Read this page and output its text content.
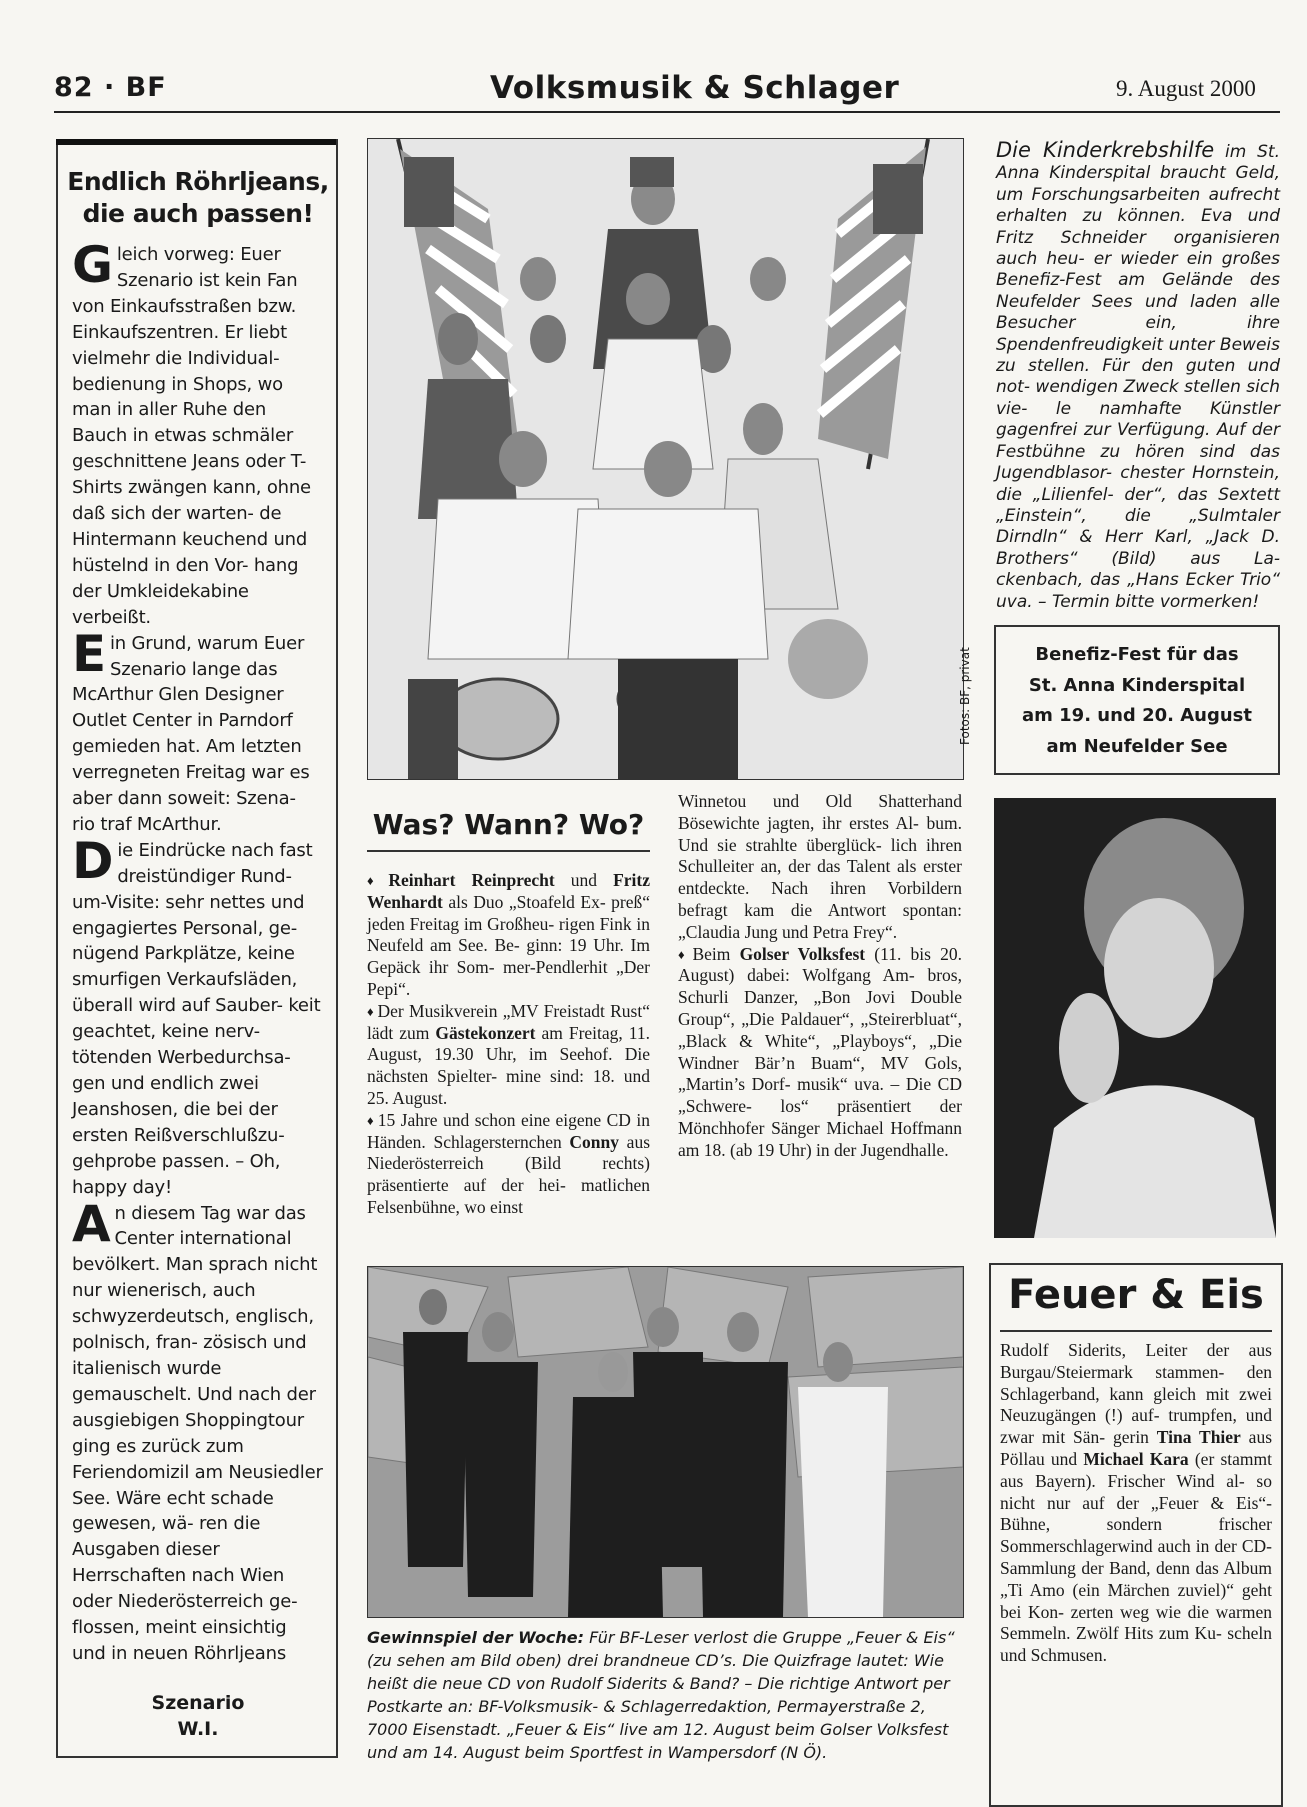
82 · BF	Volksmusik & Schlager	9. August 2000
Endlich Röhrljeans, die auch passen!

Gleich vorweg: Euer Szenario ist kein Fan von Einkaufsstraßen bzw. Einkaufszentren. Er liebt vielmehr die Individual- bedienung in Shops, wo man in aller Ruhe den Bauch in etwas schmäler geschnittene Jeans oder T-Shirts zwängen kann, ohne daß sich der warten- de Hintermann keuchend und hüstelnd in den Vor- hang der Umkleidekabine verbeißt.

Ein Grund, warum Euer Szenario lange das McArthur Glen Designer Outlet Center in Parndorf gemieden hat. Am letzten verregneten Freitag war es aber dann soweit: Szena- rio traf McArthur.

Die Eindrücke nach fast dreistündiger Rund- um-Visite: sehr nettes und engagiertes Personal, ge- nügend Parkplätze, keine smurfigen Verkaufsläden, überall wird auf Sauber- keit geachtet, keine nerv- tötenden Werbedurchsa- gen und endlich zwei Jeanshosen, die bei der ersten Reißverschlußzu- gehprobe passen. – Oh, happy day!

An diesem Tag war das Center international bevölkert. Man sprach nicht nur wienerisch, auch schwyzerdeutsch, englisch, polnisch, fran- zösisch und italienisch wurde gemauschelt. Und nach der ausgiebigen Shoppingtour ging es zurück zum Feriendomizil am Neusiedler See. Wäre echt schade gewesen, wä- ren die Ausgaben dieser Herrschaften nach Wien oder Niederösterreich ge- flossen, meint einsichtig und in neuen Röhrljeans

Szenario
W.I.
Fotos: BF, privat
Was? Wann? Wo?

♦ Reinhart Reinprecht und Fritz Wenhardt als Duo „Stoafeld Ex- preß“ jeden Freitag im Großheu- rigen Fink in Neufeld am See. Be- ginn: 19 Uhr. Im Gepäck ihr Som- mer-Pendlerhit „Der Pepi“.

♦ Der Musikverein „MV Freistadt Rust“ lädt zum Gästekonzert am Freitag, 11. August, 19.30 Uhr, im Seehof. Die nächsten Spielter- mine sind: 18. und 25. August.

♦ 15 Jahre und schon eine eigene CD in Händen. Schlagersternchen Conny aus Niederösterreich (Bild rechts) präsentierte auf der hei- matlichen Felsenbühne, wo einst

Winnetou und Old Shatterhand Bösewichte jagten, ihr erstes Al- bum. Und sie strahlte überglück- lich ihren Schulleiter an, der das Talent als erster entdeckte. Nach ihren Vorbildern befragt kam die Antwort spontan: „Claudia Jung und Petra Frey“.

♦ Beim Golser Volksfest (11. bis 20. August) dabei: Wolfgang Am- bros, Schurli Danzer, „Bon Jovi Double Group“, „Die Paldauer“, „Steirerbluat“, „Black & White“, „Playboys“, „Die Windner Bär’n Buam“, MV Gols, „Martin’s Dorf- musik“ uva. – Die CD „Schwere- los“ präsentiert der Mönchhofer Sänger Michael Hoffmann am 18. (ab 19 Uhr) in der Jugendhalle.

Die Kinderkrebshilfe im St. Anna Kinderspital braucht Geld, um Forschungsarbeiten aufrecht erhalten zu können. Eva und Fritz Schneider organisieren auch heu- er wieder ein großes Benefiz-Fest am Gelände des Neufelder Sees und laden alle Besucher ein, ihre Spendenfreudigkeit unter Beweis zu stellen. Für den guten und not- wendigen Zweck stellen sich vie- le namhafte Künstler gagenfrei zur Verfügung. Auf der Festbühne zu hören sind das Jugendblasor- chester Hornstein, die „Lilienfel- der“, das Sextett „Einstein“, die „Sulmtaler Dirndln“ & Herr Karl, „Jack D. Brothers“ (Bild) aus La- ckenbach, das „Hans Ecker Trio“ uva. – Termin bitte vormerken!
Benefiz-Fest für das
St. Anna Kinderspital
am 19. und 20. August
am Neufelder See
Feuer & Eis
Rudolf Siderits, Leiter der aus Burgau/Steiermark stammen- den Schlagerband, kann gleich mit zwei Neuzugängen (!) auf- trumpfen, und zwar mit Sän- gerin Tina Thier aus Pöllau und Michael Kara (er stammt aus Bayern). Frischer Wind al- so nicht nur auf der „Feuer & Eis“-Bühne, sondern frischer Sommerschlagerwind auch in der CD-Sammlung der Band, denn das Album „Ti Amo (ein Märchen zuviel)“ geht bei Kon- zerten weg wie die warmen Semmeln. Zwölf Hits zum Ku- scheln und Schmusen.
Gewinnspiel der Woche: Für BF-Leser verlost die Gruppe „Feuer & Eis“ (zu sehen am Bild oben) drei brandneue CD’s. Die Quizfrage lautet: Wie heißt die neue CD von Rudolf Siderits & Band? – Die richtige Antwort per Postkarte an: BF-Volksmusik- & Schlagerredaktion, Permayerstraße 2, 7000 Eisenstadt. „Feuer & Eis“ live am 12. August beim Golser Volksfest und am 14. August beim Sportfest in Wampersdorf (N Ö).
